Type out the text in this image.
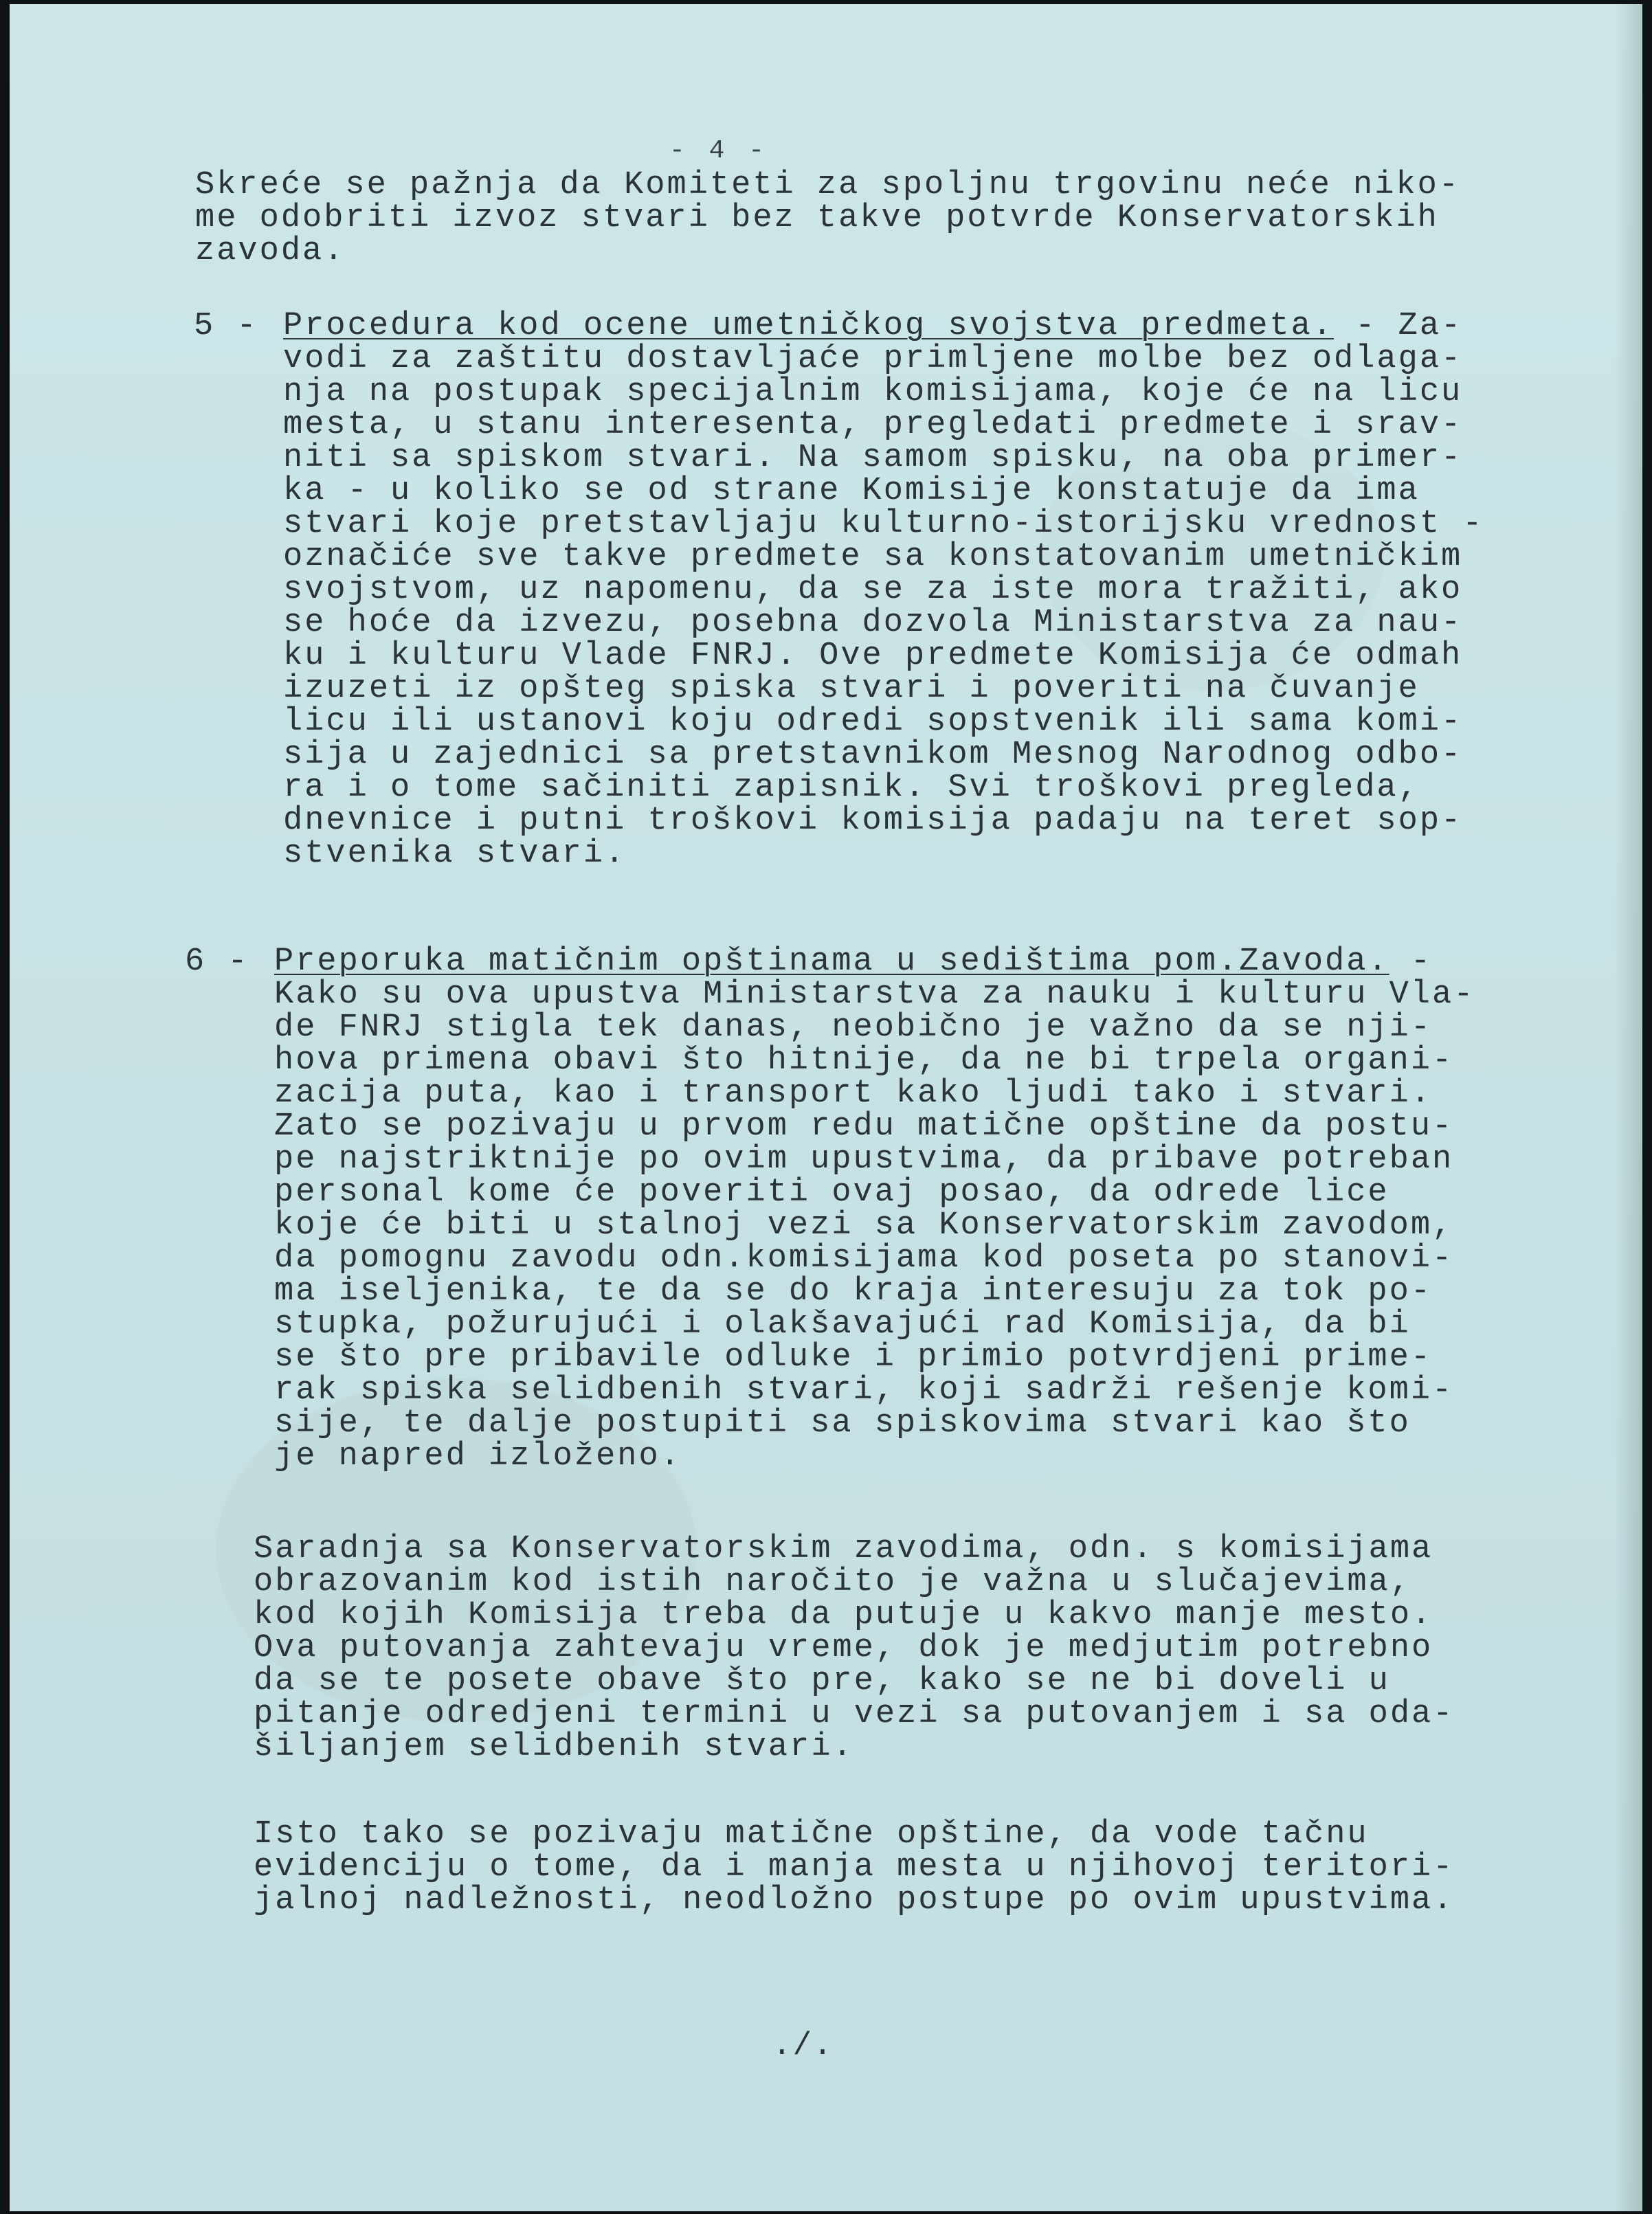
- 4 -

Skreće se pažnja da Komiteti za spoljnu trgovinu neće niko-

me odobriti izvoz stvari bez takve potvrde Konservatorskih

zavoda.

5 - Procedura kod ocene umetničkog svojstva predmeta. - Za-

vodi za zaštitu dostavljaće primljene molbe bez odlaga-

nja na postupak specijalnim komisijama, koje će na licu

mesta, u stanu interesenta, pregledati predmete i srav-

niti sa spiskom stvari. Na samom spisku, na oba primer-

ka - u koliko se od strane Komisije konstatuje da ima

stvari koje pretstavljaju kulturno-istorijsku vrednost -

označiće sve takve predmete sa konstatovanim umetničkim

svojstvom, uz napomenu, da se za iste mora tražiti, ako

se hoće da izvezu, posebna dozvola Ministarstva za nau-

ku i kulturu Vlade FNRJ. Ove predmete Komisija će odmah

izuzeti iz opšteg spiska stvari i poveriti na čuvanje

licu ili ustanovi koju odredi sopstvenik ili sama komi-

sija u zajednici sa pretstavnikom Mesnog Narodnog odbo-

ra i o tome sačiniti zapisnik. Svi troškovi pregleda,

dnevnice i putni troškovi komisija padaju na teret sop-

stvenika stvari.

6 - Preporuka matičnim opštinama u sedištima pom.Zavoda. -

Kako su ova upustva Ministarstva za nauku i kulturu Vla-

de FNRJ stigla tek danas, neobično je važno da se nji-

hova primena obavi što hitnije, da ne bi trpela organi-

zacija puta, kao i transport kako ljudi tako i stvari.

Zato se pozivaju u prvom redu matične opštine da postu-

pe najstriktnije po ovim upustvima, da pribave potreban

personal kome će poveriti ovaj posao, da odrede lice

koje će biti u stalnoj vezi sa Konservatorskim zavodom,

da pomognu zavodu odn.komisijama kod poseta po stanovi-

ma iseljenika, te da se do kraja interesuju za tok po-

stupka, požurujući i olakšavajući rad Komisija, da bi

se što pre pribavile odluke i primio potvrdjeni prime-

rak spiska selidbenih stvari, koji sadrži rešenje komi-

sije, te dalje postupiti sa spiskovima stvari kao što

je napred izloženo.

Saradnja sa Konservatorskim zavodima, odn. s komisijama

obrazovanim kod istih naročito je važna u slučajevima,

kod kojih Komisija treba da putuje u kakvo manje mesto.

Ova putovanja zahtevaju vreme, dok je medjutim potrebno

da se te posete obave što pre, kako se ne bi doveli u

pitanje odredjeni termini u vezi sa putovanjem i sa oda-

šiljanjem selidbenih stvari.

Isto tako se pozivaju matične opštine, da vode tačnu

evidenciju o tome, da i manja mesta u njihovoj teritori-

jalnoj nadležnosti, neodložno postupe po ovim upustvima.

./.
